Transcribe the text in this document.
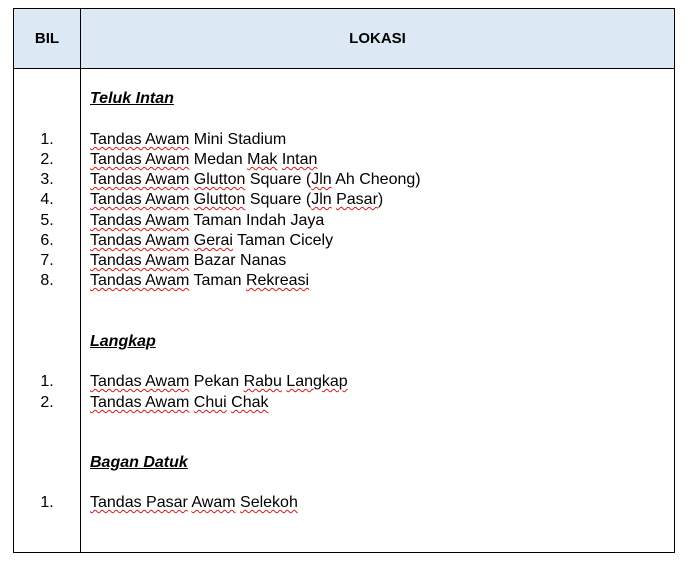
BIL	LOKASI
Teluk Intan
1.	Tandas Awam Mini Stadium
2.	Tandas Awam Medan Mak Intan
3.	Tandas Awam Glutton Square (Jln Ah Cheong)
4.	Tandas Awam Glutton Square (Jln Pasar)
5.	Tandas Awam Taman Indah Jaya
6.	Tandas Awam Gerai Taman Cicely
7.	Tandas Awam Bazar Nanas
8.	Tandas Awam Taman Rekreasi
Langkap
1.	Tandas Awam Pekan Rabu Langkap
2.	Tandas Awam Chui Chak
Bagan Datuk
1.	Tandas Pasar Awam Selekoh
